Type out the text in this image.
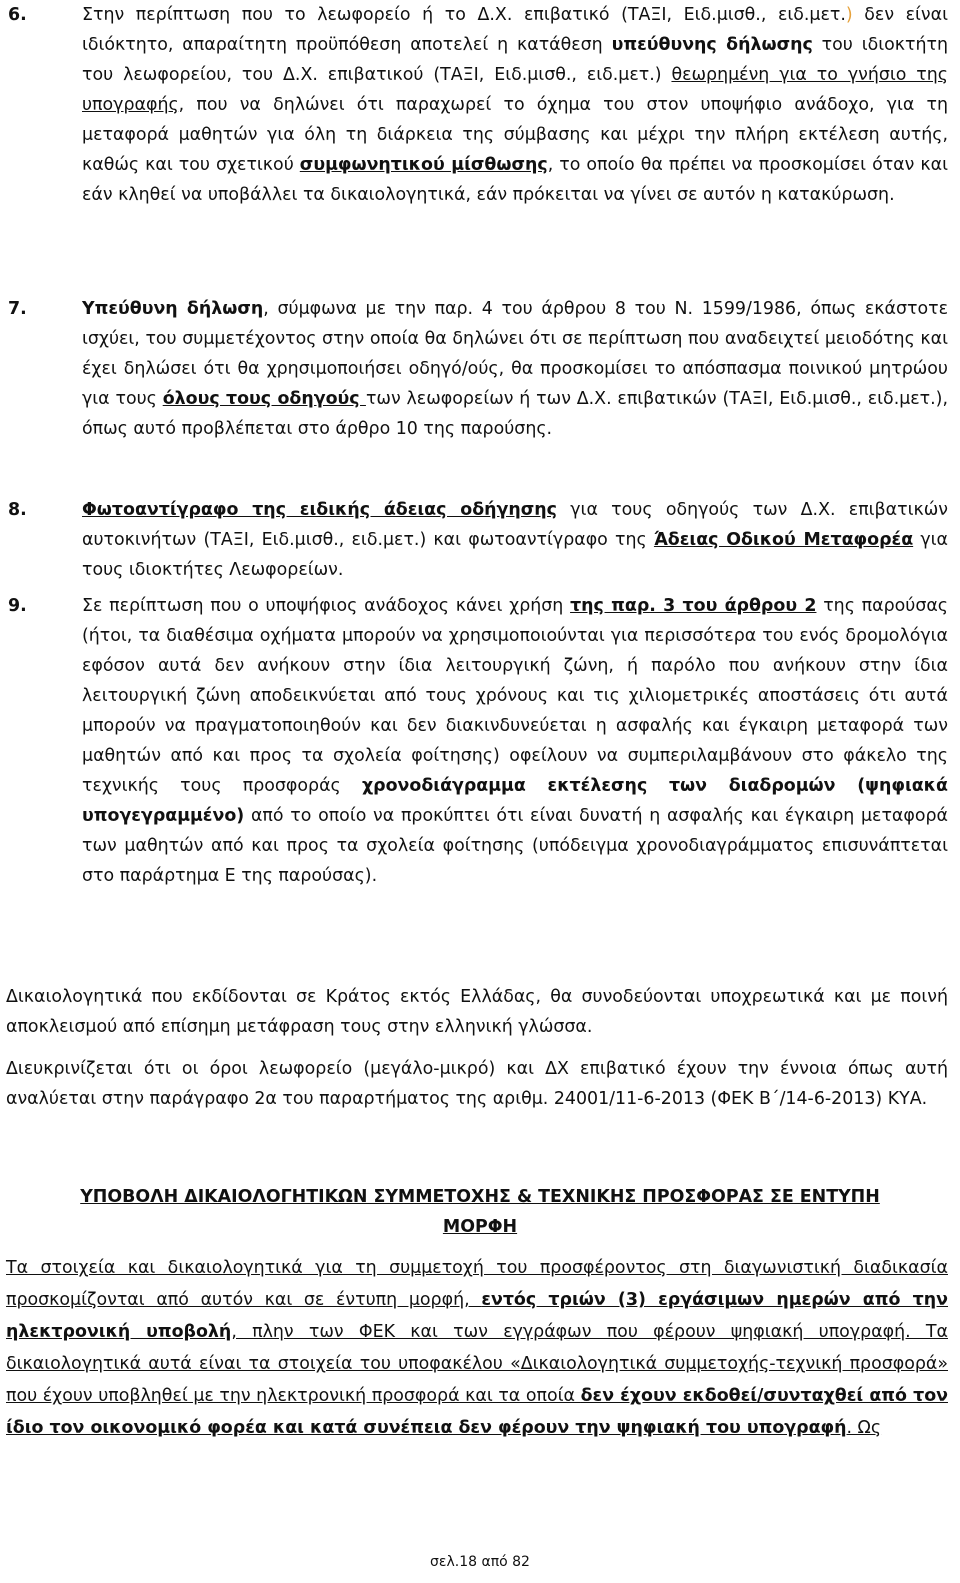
6.	Στην περίπτωση που το λεωφορείο ή το Δ.Χ. επιβατικό (ΤΑΞΙ, Ειδ.μισθ., ειδ.μετ.) δεν είναι ιδιόκτητο, απαραίτητη προϋπόθεση αποτελεί η κατάθεση υπεύθυνης δήλωσης του ιδιοκτήτη του λεωφορείου, του Δ.Χ. επιβατικού (ΤΑΞΙ, Ειδ.μισθ., ειδ.μετ.) θεωρημένη για το γνήσιο της υπογραφής, που να δηλώνει ότι παραχωρεί το όχημα του στον υποψήφιο ανάδοχο, για τη μεταφορά μαθητών για όλη τη διάρκεια της σύμβασης και μέχρι την πλήρη εκτέλεση αυτής, καθώς και του σχετικού συμφωνητικού μίσθωσης, το οποίο θα πρέπει να προσκομίσει όταν και εάν κληθεί να υποβάλλει τα δικαιολογητικά, εάν πρόκειται να γίνει σε αυτόν η κατακύρωση.
7.	Υπεύθυνη δήλωση, σύμφωνα με την παρ. 4 του άρθρου 8 του Ν. 1599/1986, όπως εκάστοτε ισχύει, του συμμετέχοντος στην οποία θα δηλώνει ότι σε περίπτωση που αναδειχτεί μειοδότης και έχει δηλώσει ότι θα χρησιμοποιήσει οδηγό/ούς, θα προσκομίσει το απόσπασμα ποινικού μητρώου για τους όλους τους οδηγούς των λεωφορείων ή των Δ.Χ. επιβατικών (ΤΑΞΙ, Ειδ.μισθ., ειδ.μετ.), όπως αυτό προβλέπεται στο άρθρο 10 της παρούσης.
8.	Φωτοαντίγραφο της ειδικής άδειας οδήγησης για τους οδηγούς των Δ.Χ. επιβατικών αυτοκινήτων (ΤΑΞΙ, Ειδ.μισθ., ειδ.μετ.) και φωτοαντίγραφο της Άδειας Οδικού Μεταφορέα για τους ιδιοκτήτες Λεωφορείων.
9.	Σε περίπτωση που ο υποψήφιος ανάδοχος κάνει χρήση της παρ. 3 του άρθρου 2 της παρούσας (ήτοι, τα διαθέσιμα οχήματα μπορούν να χρησιμοποιούνται για περισσότερα του ενός δρομολόγια εφόσον αυτά δεν ανήκουν στην ίδια λειτουργική ζώνη, ή παρόλο που ανήκουν στην ίδια λειτουργική ζώνη αποδεικνύεται από τους χρόνους και τις χιλιομετρικές αποστάσεις ότι αυτά μπορούν να πραγματοποιηθούν και δεν διακινδυνεύεται η ασφαλής και έγκαιρη μεταφορά των μαθητών από και προς τα σχολεία φοίτησης) οφείλουν να συμπεριλαμβάνουν στο φάκελο της τεχνικής τους προσφοράς χρονοδιάγραμμα εκτέλεσης των διαδρομών (ψηφιακά υπογεγραμμένο) από το οποίο να προκύπτει ότι είναι δυνατή η ασφαλής και έγκαιρη μεταφορά των μαθητών από και προς τα σχολεία φοίτησης (υπόδειγμα χρονοδιαγράμματος επισυνάπτεται στο παράρτημα Ε της παρούσας).
Δικαιολογητικά που εκδίδονται σε Κράτος εκτός Ελλάδας, θα συνοδεύονται υποχρεωτικά και με ποινή αποκλεισμού από επίσημη μετάφραση τους στην ελληνική γλώσσα.
Διευκρινίζεται ότι οι όροι λεωφορείο (μεγάλο-μικρό) και ΔΧ επιβατικό έχουν την έννοια όπως αυτή αναλύεται στην παράγραφο 2α του παραρτήματος της αριθμ. 24001/11-6-2013 (ΦΕΚ Β΄/14-6-2013) ΚΥΑ.
ΥΠΟΒΟΛΗ ΔΙΚΑΙΟΛΟΓΗΤΙΚΩΝ ΣΥΜΜΕΤΟΧΗΣ & ΤΕΧΝΙΚΗΣ ΠΡΟΣΦΟΡΑΣ ΣΕ ΕΝΤΥΠΗ
ΜΟΡΦΗ
Τα στοιχεία και δικαιολογητικά για τη συμμετοχή του προσφέροντος στη διαγωνιστική διαδικασία προσκομίζονται από αυτόν και σε έντυπη μορφή, εντός τριών (3) εργάσιμων ημερών από την ηλεκτρονική υποβολή, πλην των ΦΕΚ και των εγγράφων που φέρουν ψηφιακή υπογραφή. Τα δικαιολογητικά αυτά είναι τα στοιχεία του υποφακέλου «Δικαιολογητικά συμμετοχής-τεχνική προσφορά» που έχουν υποβληθεί με την ηλεκτρονική προσφορά και τα οποία δεν έχουν εκδοθεί/συνταχθεί από τον ίδιο τον οικονομικό φορέα και κατά συνέπεια δεν φέρουν την ψηφιακή του υπογραφή. Ως
σελ.18 από 82
